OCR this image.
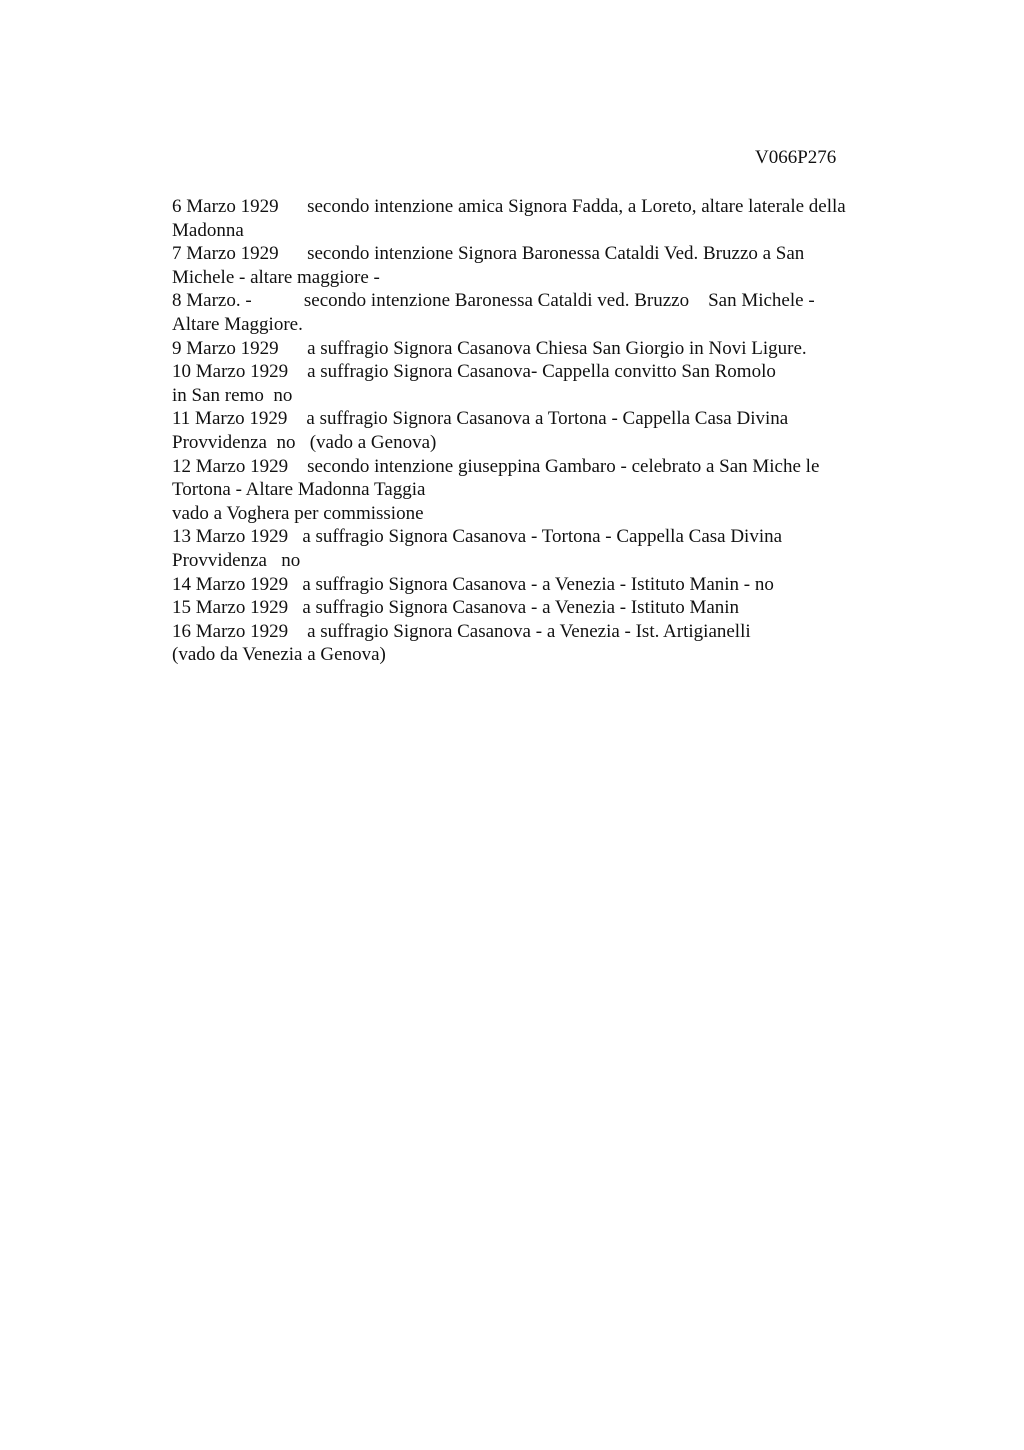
V066P276
6 Marzo 1929      secondo intenzione amica Signora Fadda, a Loreto, altare laterale della
Madonna
7 Marzo 1929      secondo intenzione Signora Baronessa Cataldi Ved. Bruzzo a San
Michele - altare maggiore -
8 Marzo. -           secondo intenzione Baronessa Cataldi ved. Bruzzo    San Michele -
Altare Maggiore.
9 Marzo 1929      a suffragio Signora Casanova Chiesa San Giorgio in Novi Ligure.
10 Marzo 1929    a suffragio Signora Casanova- Cappella convitto San Romolo
in San remo  no
11 Marzo 1929    a suffragio Signora Casanova a Tortona - Cappella Casa Divina
Provvidenza  no   (vado a Genova)
12 Marzo 1929    secondo intenzione giuseppina Gambaro - celebrato a San Miche le
Tortona - Altare Madonna Taggia
vado a Voghera per commissione
13 Marzo 1929   a suffragio Signora Casanova - Tortona - Cappella Casa Divina
Provvidenza   no
14 Marzo 1929   a suffragio Signora Casanova - a Venezia - Istituto Manin - no
15 Marzo 1929   a suffragio Signora Casanova - a Venezia - Istituto Manin
16 Marzo 1929    a suffragio Signora Casanova - a Venezia - Ist. Artigianelli
(vado da Venezia a Genova)
